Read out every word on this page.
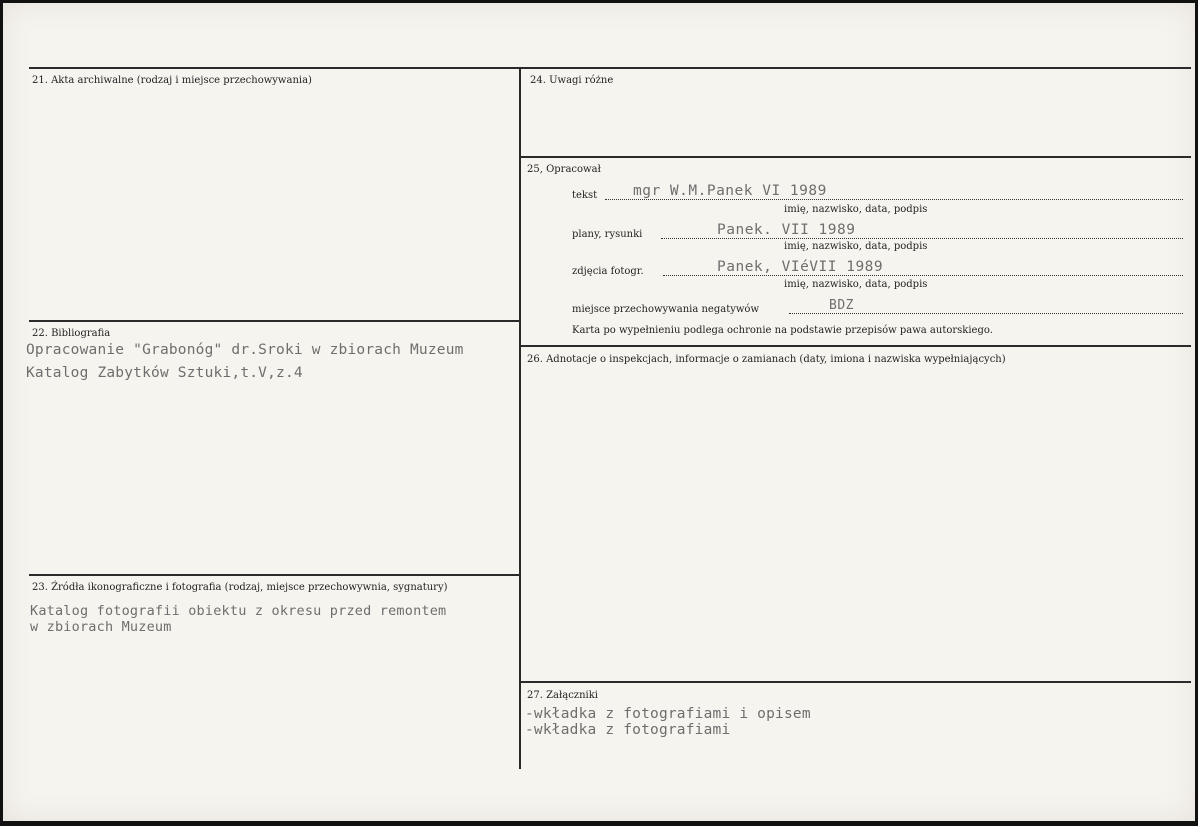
21. Akta archiwalne (rodzaj i miejsce przechowywania)
22. Bibliografia
Opracowanie "Grabonóg" dr.Sroki w zbiorach Muzeum
Katalog Zabytków Sztuki,t.V,z.4
23. Źródła ikonograficzne i fotografia (rodzaj, miejsce przechowywnia, sygnatury)
Katalog fotografii obiektu z okresu przed remontem
w zbiorach Muzeum
24. Uwagi różne
25, Opracował
tekst mgr W.M.Panek VI 1989
imię, nazwisko, data, podpis
plany, rysunki	Panek. VII 1989
imię, nazwisko, data, podpis
zdjęcia fotogr.	Panek, VIéVII 1989
imię, nazwisko, data, podpis
miejsce przechowywania negatywów	BDZ
Karta po wypełnieniu podlega ochronie na podstawie przepisów pawa autorskiego.
26. Adnotacje o inspekcjach, informacje o zamianach (daty, imiona i nazwiska wypełniających)
27. Załączniki
-wkładka z fotografiami i opisem
-wkładka z fotografiami
